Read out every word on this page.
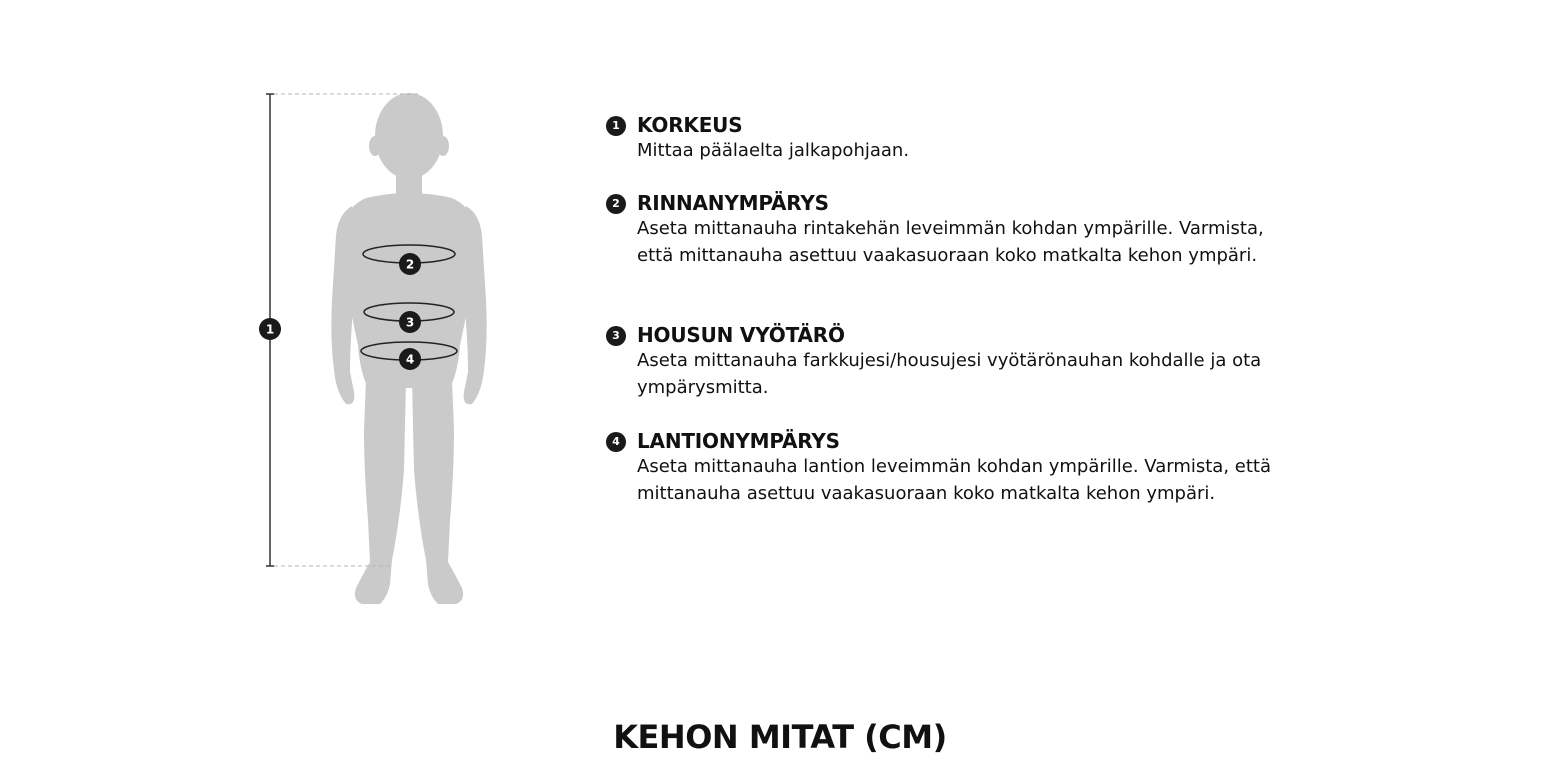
1
2
3
4
1 KORKEUS
Mittaa päälaelta jalkapohjaan.
2 RINNANYMPÄRYS
Aseta mittanauha rintakehän leveimmän kohdan ympärille. Varmista, että mittanauha asettuu vaakasuoraan koko matkalta kehon ympäri.
3 HOUSUN VYÖTÄRÖ
Aseta mittanauha farkkujesi/housujesi vyötärönauhan kohdalle ja ota ympärysmitta.
4 LANTIONYMPÄRYS
Aseta mittanauha lantion leveimmän kohdan ympärille. Varmista, että mittanauha asettuu vaakasuoraan koko matkalta kehon ympäri.
KEHON MITAT (CM)
